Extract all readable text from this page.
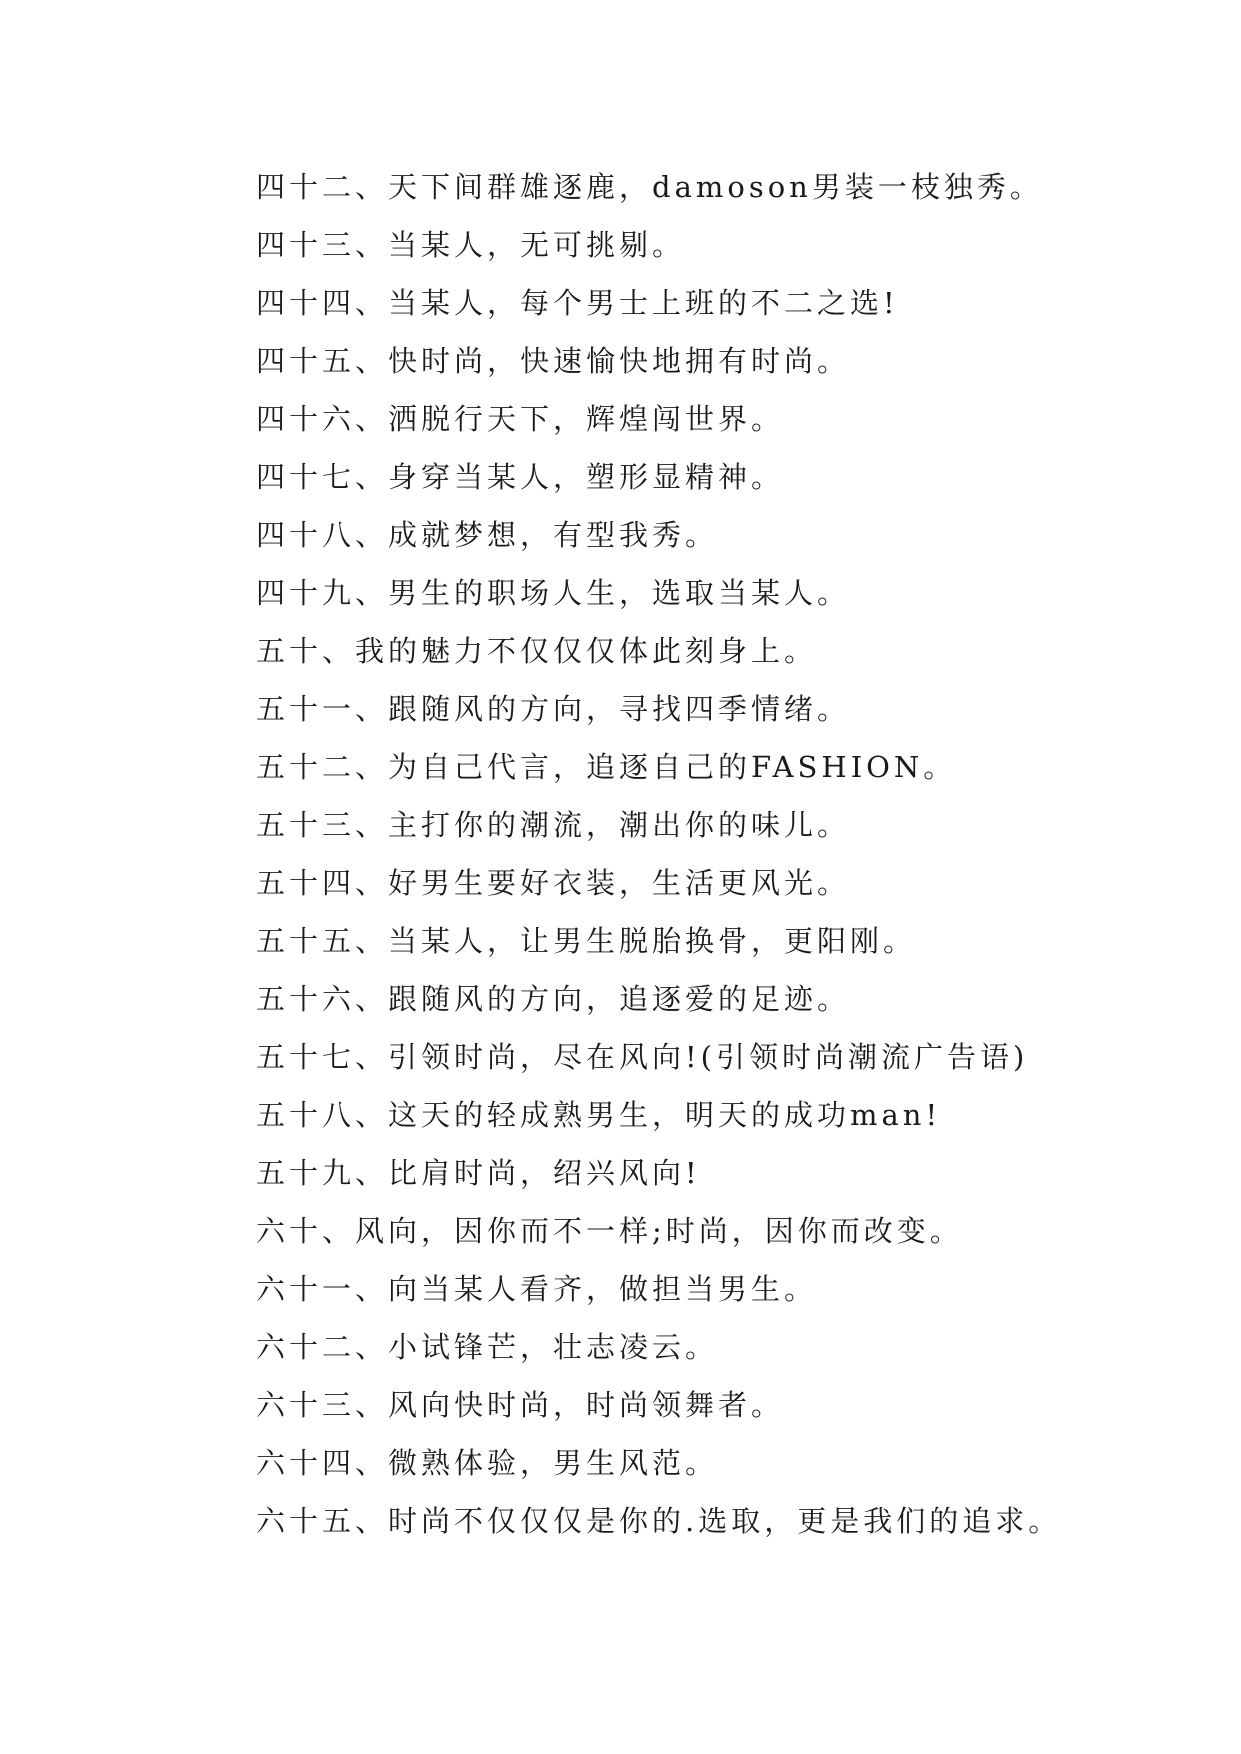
四十二、天下间群雄逐鹿，damoson男装一枝独秀。
四十三、当某人，无可挑剔。
四十四、当某人，每个男士上班的不二之选!
四十五、快时尚，快速愉快地拥有时尚。
四十六、洒脱行天下，辉煌闯世界。
四十七、身穿当某人，塑形显精神。
四十八、成就梦想，有型我秀。
四十九、男生的职场人生，选取当某人。
五十、我的魅力不仅仅仅体此刻身上。
五十一、跟随风的方向，寻找四季情绪。
五十二、为自己代言，追逐自己的FASHION。
五十三、主打你的潮流，潮出你的味儿。
五十四、好男生要好衣装，生活更风光。
五十五、当某人，让男生脱胎换骨，更阳刚。
五十六、跟随风的方向，追逐爱的足迹。
五十七、引领时尚，尽在风向!(引领时尚潮流广告语)
五十八、这天的轻成熟男生，明天的成功man!
五十九、比肩时尚，绍兴风向!
六十、风向，因你而不一样;时尚，因你而改变。
六十一、向当某人看齐，做担当男生。
六十二、小试锋芒，壮志凌云。
六十三、风向快时尚，时尚领舞者。
六十四、微熟体验，男生风范。
六十五、时尚不仅仅仅是你的.选取，更是我们的追求。
